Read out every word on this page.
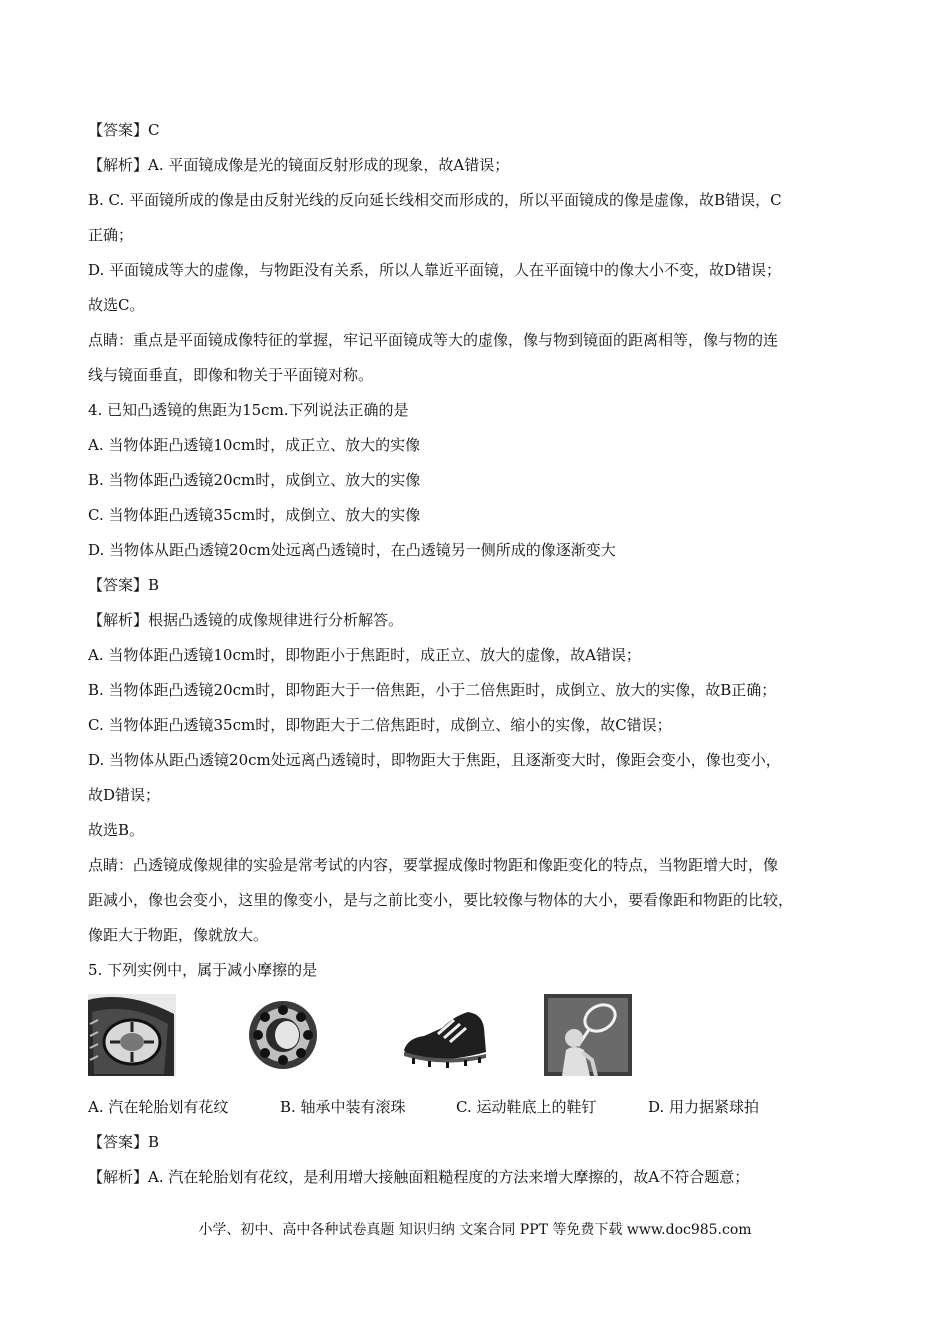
【答案】C
【解析】A. 平面镜成像是光的镜面反射形成的现象，故A错误；
B. C. 平面镜所成的像是由反射光线的反向延长线相交而形成的，所以平面镜成的像是虚像，故B错误，C
正确；
D. 平面镜成等大的虚像，与物距没有关系，所以人靠近平面镜，人在平面镜中的像大小不变，故D错误；
故选C。
点睛：重点是平面镜成像特征的掌握，牢记平面镜成等大的虚像，像与物到镜面的距离相等，像与物的连
线与镜面垂直，即像和物关于平面镜对称。
4. 已知凸透镜的焦距为15cm.下列说法正确的是
A. 当物体距凸透镜10cm时，成正立、放大的实像
B. 当物体距凸透镜20cm时，成倒立、放大的实像
C. 当物体距凸透镜35cm时，成倒立、放大的实像
D. 当物体从距凸透镜20cm处远离凸透镜时，在凸透镜另一侧所成的像逐渐变大
【答案】B
【解析】根据凸透镜的成像规律进行分析解答。
A. 当物体距凸透镜10cm时，即物距小于焦距时，成正立、放大的虚像，故A错误；
B. 当物体距凸透镜20cm时，即物距大于一倍焦距，小于二倍焦距时，成倒立、放大的实像，故B正确；
C. 当物体距凸透镜35cm时，即物距大于二倍焦距时，成倒立、缩小的实像，故C错误；
D. 当物体从距凸透镜20cm处远离凸透镜时，即物距大于焦距，且逐渐变大时，像距会变小，像也变小，
故D错误；
故选B。
点睛：凸透镜成像规律的实验是常考试的内容，要掌握成像时物距和像距变化的特点，当物距增大时，像
距减小，像也会变小，这里的像变小，是与之前比变小，要比较像与物体的大小，要看像距和物距的比较，
像距大于物距，像就放大。
5. 下列实例中，属于减小摩擦的是
A. 汽在轮胎划有花纹	B. 轴承中装有滚珠	C. 运动鞋底上的鞋钉	D. 用力据紧球拍
【答案】B
【解析】A. 汽在轮胎划有花纹，是利用增大接触面粗糙程度的方法来增大摩擦的，故A不符合题意；
小学、初中、高中各种试卷真题 知识归纳 文案合同 PPT 等免费下载 www.doc985.com
